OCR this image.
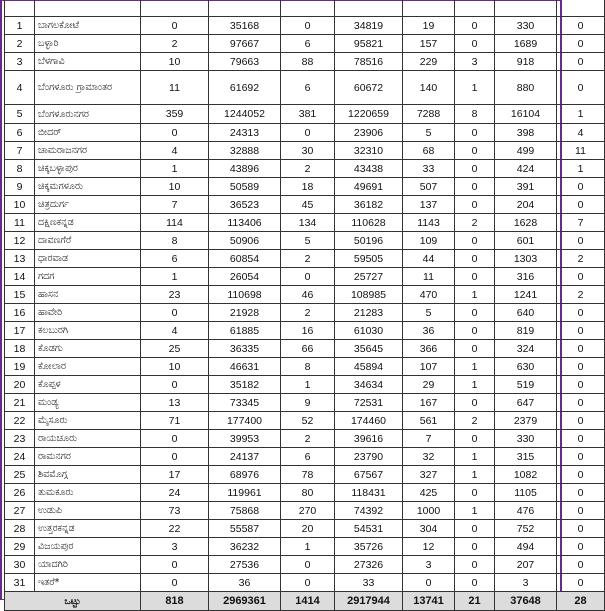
1	ಬಾಗಲಕೋಟೆ	0	35168	0	34819	19	0	330	0
2	ಬಳ್ಳಾರಿ	2	97667	6	95821	157	0	1689	0
3	ಬೆಳಗಾವಿ	10	79663	88	78516	229	3	918	0
4	ಬೆಂಗಳೂರು ಗ್ರಾಮಾಂತರ	11	61692	6	60672	140	1	880	0
5	ಬೆಂಗಳೂರುನಗರ	359	1244052	381	1220659	7288	8	16104	1
6	ಬೀದರ್	0	24313	0	23906	5	0	398	4
7	ಚಾಮರಾಜನಗರ	4	32888	30	32310	68	0	499	11
8	ಚಿಕ್ಕಬಳ್ಳಾಪುರ	1	43896	2	43438	33	0	424	1
9	ಚಿಕ್ಕಮಗಳೂರು	10	50589	18	49691	507	0	391	0
10	ಚಿತ್ರದುರ್ಗ	7	36523	45	36182	137	0	204	0
11	ದಕ್ಷಿಣಕನ್ನಡ	114	113406	134	110628	1143	2	1628	7
12	ದಾವಣಗೆರೆ	8	50906	5	50196	109	0	601	0
13	ಧಾರವಾಡ	6	60854	2	59505	44	0	1303	2
14	ಗದಗ	1	26054	0	25727	11	0	316	0
15	ಹಾಸನ	23	110698	46	108985	470	1	1241	2
16	ಹಾವೇರಿ	0	21928	2	21283	5	0	640	0
17	ಕಲಬುರಗಿ	4	61885	16	61030	36	0	819	0
18	ಕೊಡಗು	25	36335	66	35645	366	0	324	0
19	ಕೋಲಾರ	10	46631	8	45894	107	1	630	0
20	ಕೊಪ್ಪಳ	0	35182	1	34634	29	1	519	0
21	ಮಂಡ್ಯ	13	73345	9	72531	167	0	647	0
22	ಮೈಸೂರು	71	177400	52	174460	561	2	2379	0
23	ರಾಯಚೂರು	0	39953	2	39616	7	0	330	0
24	ರಾಮನಗರ	0	24137	6	23790	32	1	315	0
25	ಶಿವಮೊಗ್ಗ	17	68976	78	67567	327	1	1082	0
26	ತುಮಕೂರು	24	119961	80	118431	425	0	1105	0
27	ಉಡುಪಿ	73	75868	270	74392	1000	1	476	0
28	ಉತ್ತರಕನ್ನಡ	22	55587	20	54531	304	0	752	0
29	ವಿಜಯಪುರ	3	36232	1	35726	12	0	494	0
30	ಯಾದಗಿರಿ	0	27536	0	27326	3	0	207	0
31	ಇತರೆ*	0	36	0	33	0	0	3	0
ಒಟ್ಟು		818	2969361	1414	2917944	13741	21	37648	28
